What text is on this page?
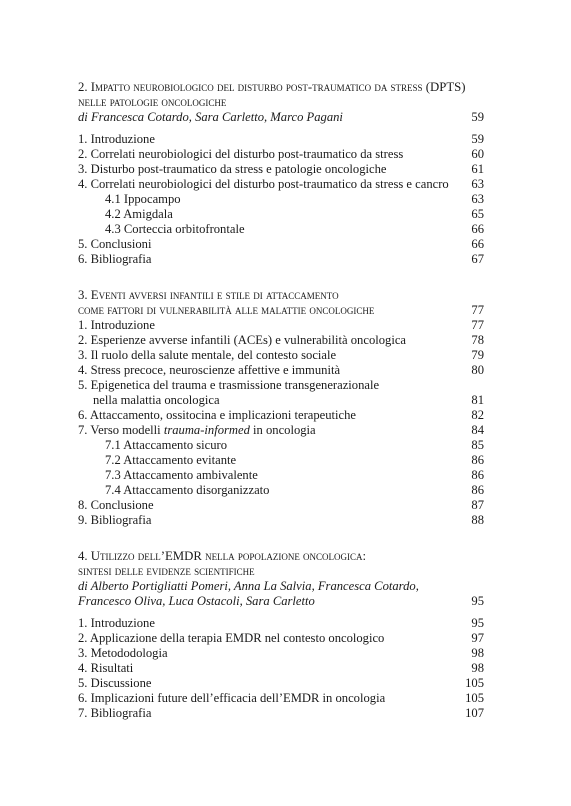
2. Impatto neurobiologico del disturbo post-traumatico da stress (DPTS)
nelle patologie oncologiche
di Francesca Cotardo, Sara Carletto, Marco Pagani	59
1. Introduzione	59
2. Correlati neurobiologici del disturbo post-traumatico da stress	60
3. Disturbo post-traumatico da stress e patologie oncologiche	61
4. Correlati neurobiologici del disturbo post-traumatico da stress e cancro	63
4.1 Ippocampo	63
4.2 Amigdala	65
4.3 Corteccia orbitofrontale	66
5. Conclusioni	66
6. Bibliografia	67
3. Eventi avversi infantili e stile di attaccamento
come fattori di vulnerabilità alle malattie oncologiche	77
1. Introduzione	77
2. Esperienze avverse infantili (ACEs) e vulnerabilità oncologica	78
3. Il ruolo della salute mentale, del contesto sociale	79
4. Stress precoce, neuroscienze affettive e immunità	80
5. Epigenetica del trauma e trasmissione transgenerazionale
nella malattia oncologica	81
6. Attaccamento, ossitocina e implicazioni terapeutiche	82
7. Verso modelli trauma-informed in oncologia	84
7.1 Attaccamento sicuro	85
7.2 Attaccamento evitante	86
7.3 Attaccamento ambivalente	86
7.4 Attaccamento disorganizzato	86
8. Conclusione	87
9. Bibliografia	88
4. Utilizzo dell’EMDR nella popolazione oncologica:
sintesi delle evidenze scientifiche
di Alberto Portigliatti Pomeri, Anna La Salvia, Francesca Cotardo,
Francesco Oliva, Luca Ostacoli, Sara Carletto	95
1. Introduzione	95
2. Applicazione della terapia EMDR nel contesto oncologico	97
3. Metododologia	98
4. Risultati	98
5. Discussione	105
6. Implicazioni future dell’efficacia dell’EMDR in oncologia	105
7. Bibliografia	107
